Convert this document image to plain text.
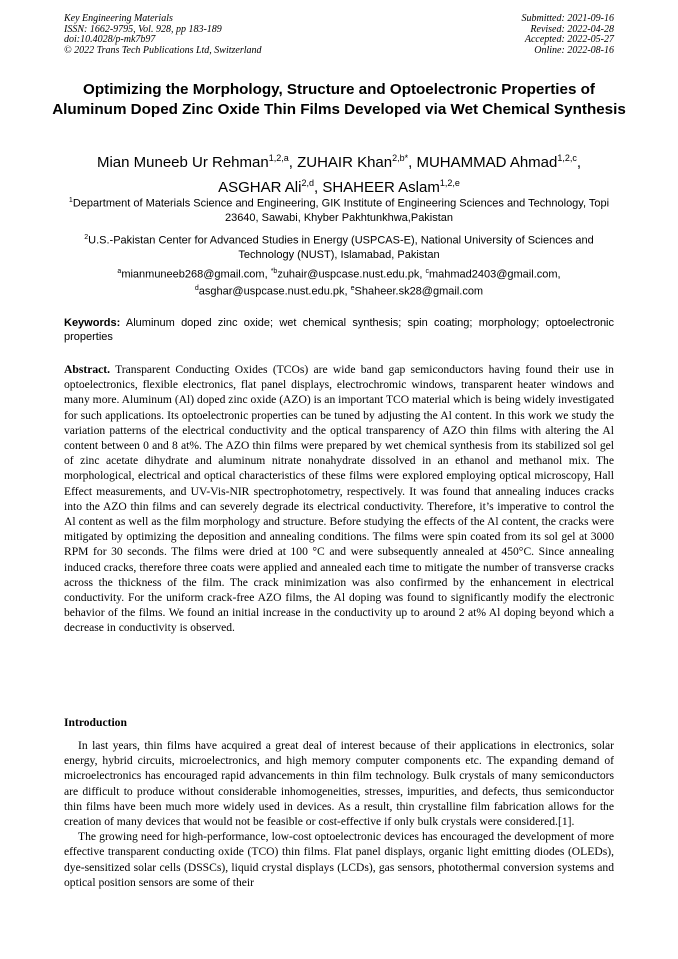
Key Engineering Materials
ISSN: 1662-9795, Vol. 928, pp 183-189
doi:10.4028/p-mk7b97
© 2022 Trans Tech Publications Ltd, Switzerland
Submitted: 2021-09-16
Revised: 2022-04-28
Accepted: 2022-05-27
Online: 2022-08-16
Optimizing the Morphology, Structure and Optoelectronic Properties of Aluminum Doped Zinc Oxide Thin Films Developed via Wet Chemical Synthesis
Mian Muneeb Ur Rehman$^{1,2,a}$, ZUHAIR Khan$^{2,b*}$, MUHAMMAD Ahmad$^{1,2,c}$,
ASGHAR Ali$^{2,d}$, SHAHEER Aslam$^{1,2,e}$
$^1$Department of Materials Science and Engineering, GIK Institute of Engineering Sciences and Technology, Topi 23640, Sawabi, Khyber Pakhtunkhwa,Pakistan
$^2$U.S.-Pakistan Center for Advanced Studies in Energy (USPCAS-E), National University of Sciences and Technology (NUST), Islamabad, Pakistan
$^a$mianmuneeb268@gmail.com, $^{*b}$zuhair@uspcase.nust.edu.pk, $^c$mahmad2403@gmail.com,
$^d$asghar@uspcase.nust.edu.pk, $^e$Shaheer.sk28@gmail.com
Keywords: Aluminum doped zinc oxide; wet chemical synthesis; spin coating; morphology; optoelectronic properties
Abstract. Transparent Conducting Oxides (TCOs) are wide band gap semiconductors having found their use in optoelectronics, flexible electronics, flat panel displays, electrochromic windows, transparent heater windows and many more. Aluminum (Al) doped zinc oxide (AZO) is an important TCO material which is being widely investigated for such applications. Its optoelectronic properties can be tuned by adjusting the Al content. In this work we study the variation patterns of the electrical conductivity and the optical transparency of AZO thin films with altering the Al content between 0 and 8 at%. The AZO thin films were prepared by wet chemical synthesis from its stabilized sol gel of zinc acetate dihydrate and aluminum nitrate nonahydrate dissolved in an ethanol and methanol mix. The morphological, electrical and optical characteristics of these films were explored employing optical microscopy, Hall Effect measurements, and UV-Vis-NIR spectrophotometry, respectively. It was found that annealing induces cracks into the AZO thin films and can severely degrade its electrical conductivity. Therefore, it’s imperative to control the Al content as well as the film morphology and structure. Before studying the effects of the Al content, the cracks were mitigated by optimizing the deposition and annealing conditions. The films were spin coated from its sol gel at 3000 RPM for 30 seconds. The films were dried at 100 °C and were subsequently annealed at 450°C. Since annealing induced cracks, therefore three coats were applied and annealed each time to mitigate the number of transverse cracks across the thickness of the film. The crack minimization was also confirmed by the enhancement in electrical conductivity. For the uniform crack-free AZO films, the Al doping was found to significantly modify the electronic behavior of the films. We found an initial increase in the conductivity up to around 2 at% Al doping beyond which a decrease in conductivity is observed.
Introduction

In last years, thin films have acquired a great deal of interest because of their applications in electronics, solar energy, hybrid circuits, microelectronics, and high memory computer components etc. The expanding demand of microelectronics has encouraged rapid advancements in thin film technology. Bulk crystals of many semiconductors are difficult to produce without considerable inhomogeneities, stresses, impurities, and defects, thus semiconductor thin films have been much more widely used in devices. As a result, thin crystalline film fabrication allows for the creation of many devices that would not be feasible or cost-effective if only bulk crystals were considered.[1].

The growing need for high-performance, low-cost optoelectronic devices has encouraged the development of more effective transparent conducting oxide (TCO) thin films. Flat panel displays, organic light emitting diodes (OLEDs), dye-sensitized solar cells (DSSCs), liquid crystal displays (LCDs), gas sensors, photothermal conversion systems and optical position sensors are some of their
